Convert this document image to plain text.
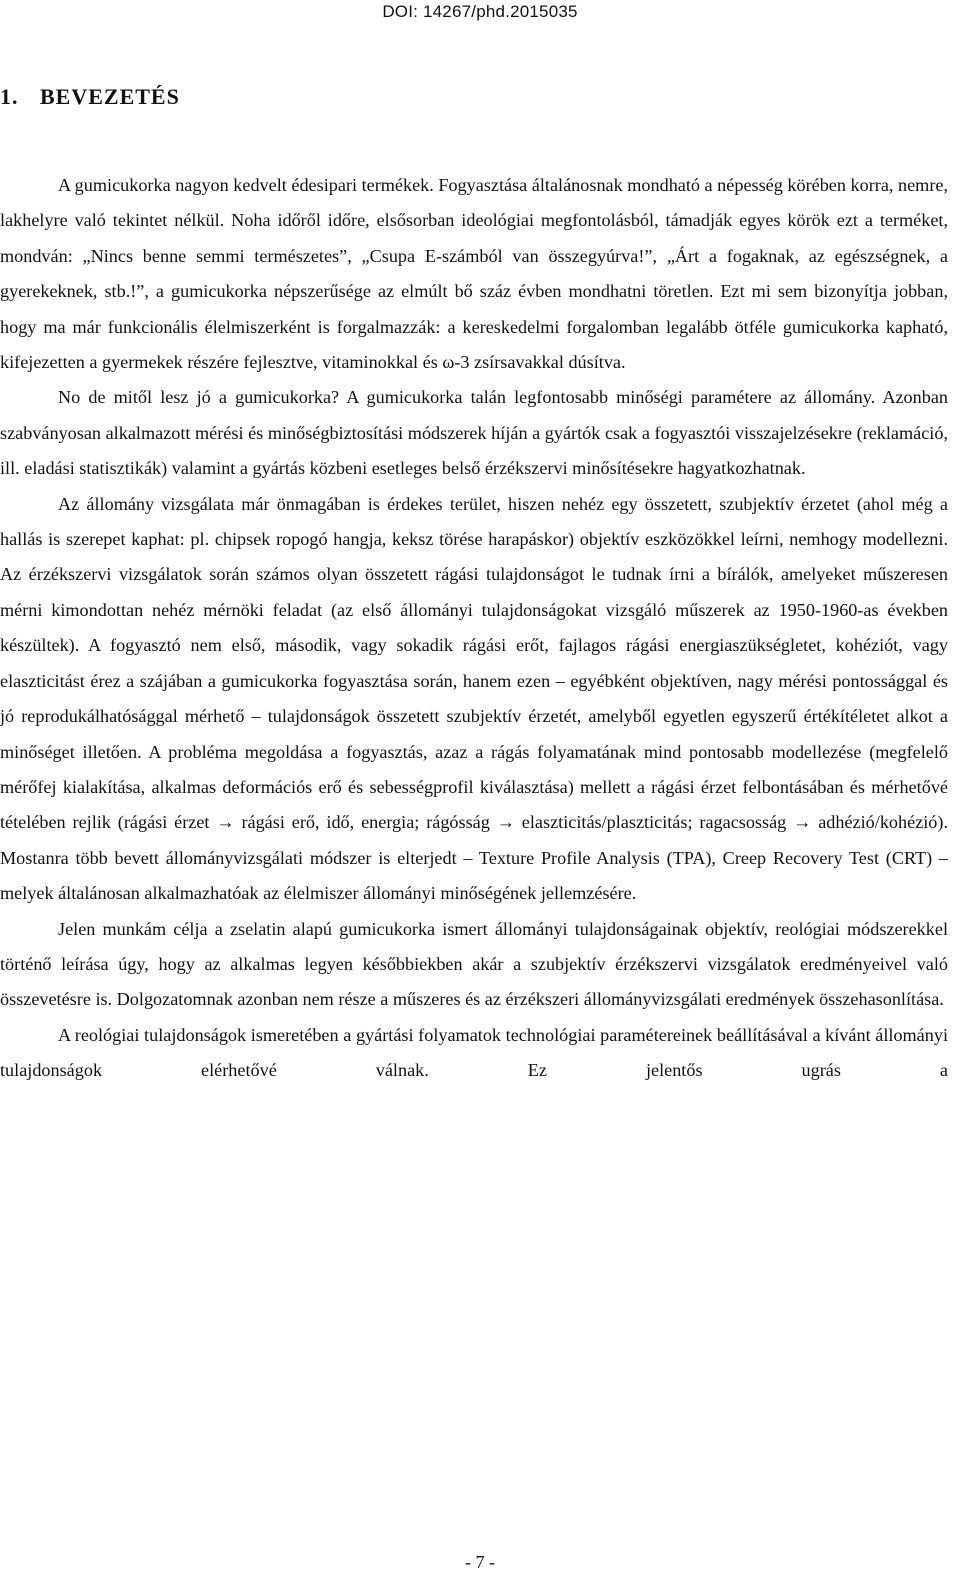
DOI: 14267/phd.2015035
1. BEVEZETÉS

A gumicukorka nagyon kedvelt édesipari termékek. Fogyasztása általánosnak mondható a népesség körében korra, nemre, lakhelyre való tekintet nélkül. Noha időről időre, elsősorban ideológiai megfontolásból, támadják egyes körök ezt a terméket, mondván: „Nincs benne semmi természetes”, „Csupa E-számból van összegyúrva!”, „Árt a fogaknak, az egészségnek, a gyerekeknek, stb.!”, a gumicukorka népszerűsége az elmúlt bő száz évben mondhatni töretlen. Ezt mi sem bizonyítja jobban, hogy ma már funkcionális élelmiszerként is forgalmazzák: a kereskedelmi forgalomban legalább ötféle gumicukorka kapható, kifejezetten a gyermekek részére fejlesztve, vitaminokkal és ω-3 zsírsavakkal dúsítva.

No de mitől lesz jó a gumicukorka? A gumicukorka talán legfontosabb minőségi paramétere az állomány. Azonban szabványosan alkalmazott mérési és minőségbiztosítási módszerek híján a gyártók csak a fogyasztói visszajelzésekre (reklamáció, ill. eladási statisztikák) valamint a gyártás közbeni esetleges belső érzékszervi minősítésekre hagyatkozhatnak.

Az állomány vizsgálata már önmagában is érdekes terület, hiszen nehéz egy összetett, szubjektív érzetet (ahol még a hallás is szerepet kaphat: pl. chipsek ropogó hangja, keksz törése harapáskor) objektív eszközökkel leírni, nemhogy modellezni. Az érzékszervi vizsgálatok során számos olyan összetett rágási tulajdonságot le tudnak írni a bírálók, amelyeket műszeresen mérni kimondottan nehéz mérnöki feladat (az első állományi tulajdonságokat vizsgáló műszerek az 1950-1960-as években készültek). A fogyasztó nem első, második, vagy sokadik rágási erőt, fajlagos rágási energiaszükségletet, kohéziót, vagy elaszticitást érez a szájában a gumicukorka fogyasztása során, hanem ezen – egyébként objektíven, nagy mérési pontossággal és jó reprodukálhatósággal mérhető – tulajdonságok összetett szubjektív érzetét, amelyből egyetlen egyszerű értékítéletet alkot a minőséget illetően. A probléma megoldása a fogyasztás, azaz a rágás folyamatának mind pontosabb modellezése (megfelelő mérőfej kialakítása, alkalmas deformációs erő és sebességprofil kiválasztása) mellett a rágási érzet felbontásában és mérhetővé tételében rejlik (rágási érzet → rágási erő, idő, energia; rágósság → elaszticitás/plaszticitás; ragacsosság → adhézió/kohézió). Mostanra több bevett állományvizsgálati módszer is elterjedt – Texture Profile Analysis (TPA), Creep Recovery Test (CRT) – melyek általánosan alkalmazhatóak az élelmiszer állományi minőségének jellemzésére.

Jelen munkám célja a zselatin alapú gumicukorka ismert állományi tulajdonságainak objektív, reológiai módszerekkel történő leírása úgy, hogy az alkalmas legyen későbbiekben akár a szubjektív érzékszervi vizsgálatok eredményeivel való összevetésre is. Dolgozatomnak azonban nem része a műszeres és az érzékszeri állományvizsgálati eredmények összehasonlítása.

A reológiai tulajdonságok ismeretében a gyártási folyamatok technológiai paramétereinek beállításával a kívánt állományi tulajdonságok elérhetővé válnak. Ez jelentős ugrás a

- 7 -
